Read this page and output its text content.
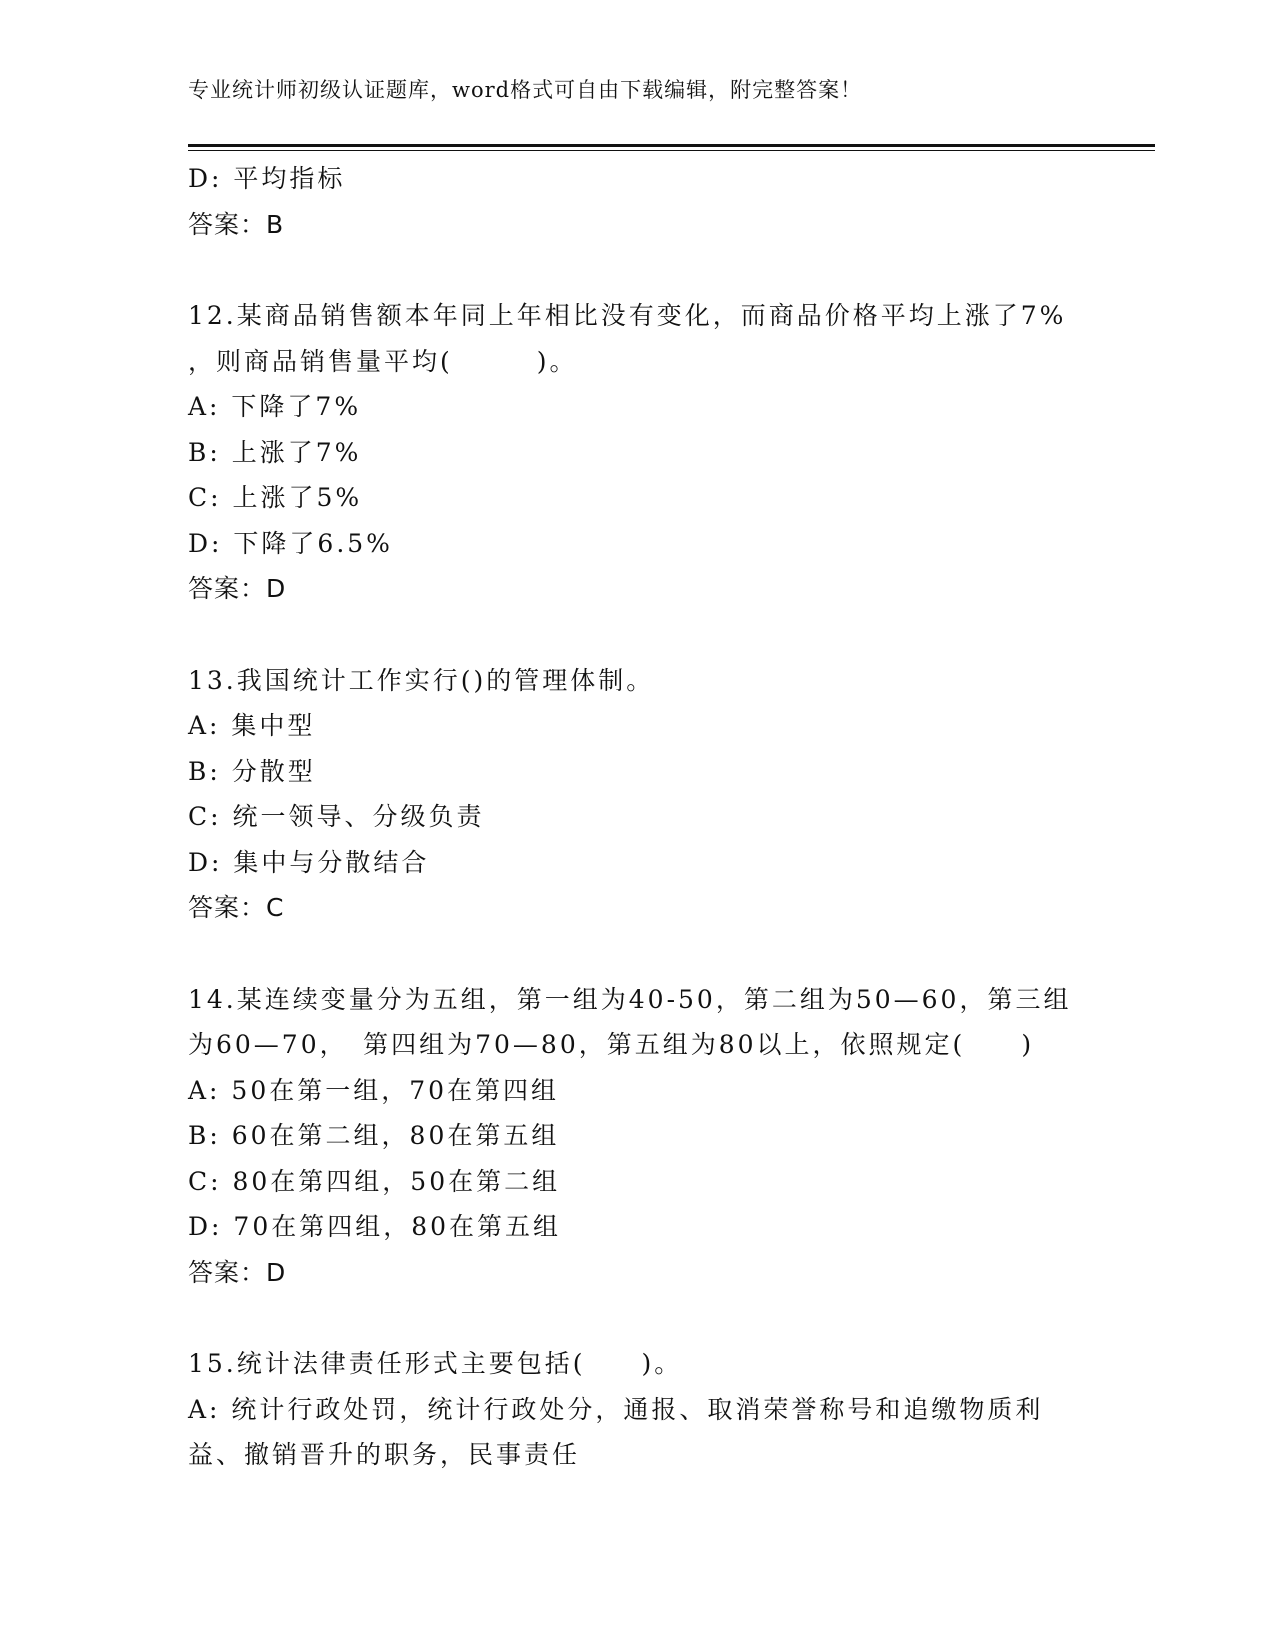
专业统计师初级认证题库，word格式可自由下载编辑，附完整答案！
D: 平均指标
答案：B
12.某商品销售额本年同上年相比没有变化，而商品价格平均上涨了7%
，则商品销售量平均(　　　)。
A: 下降了7%
B: 上涨了7%
C: 上涨了5%
D: 下降了6.5%
答案：D
13.我国统计工作实行()的管理体制。
A: 集中型
B: 分散型
C: 统一领导、分级负责
D: 集中与分散结合
答案：C
14.某连续变量分为五组，第一组为40-50，第二组为50—60，第三组
为60—70，　第四组为70—80，第五组为80以上，依照规定(　　)
A: 50在第一组，70在第四组
B: 60在第二组，80在第五组
C: 80在第四组，50在第二组
D: 70在第四组，80在第五组
答案：D
15.统计法律责任形式主要包括(　　)。
A: 统计行政处罚，统计行政处分，通报、取消荣誉称号和追缴物质利
益、撤销晋升的职务，民事责任
